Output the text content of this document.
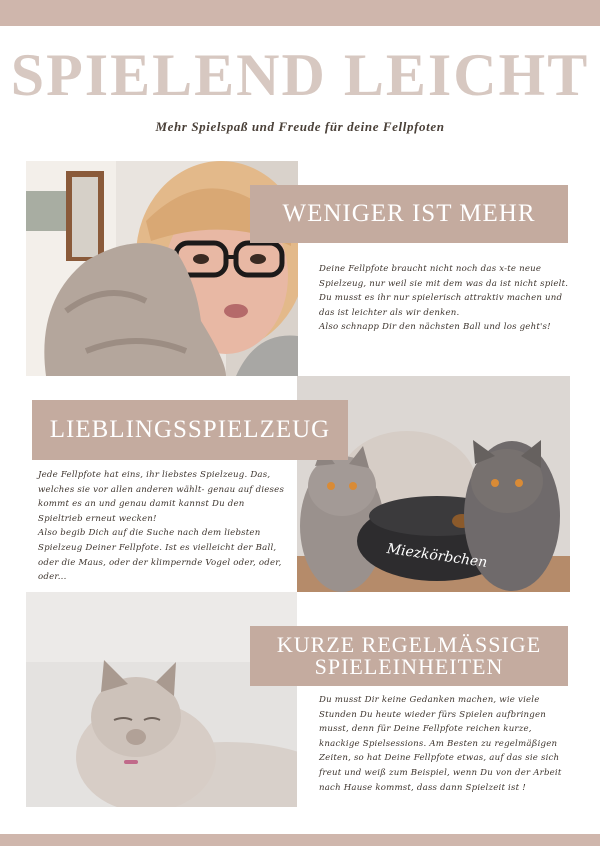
SPIELEND LEICHT
Mehr Spielspaß und Freude für deine Fellpfoten
WENIGER IST MEHR

Deine Fellpfote braucht nicht noch das x-te neue Spielzeug, nur weil sie mit dem was da ist nicht spielt.

Du musst es ihr nur spielerisch attraktiv machen und das ist leichter als wir denken.

Also schnapp Dir den nächsten Ball und los geht's!

Miezkörbchen
LIEBLINGSSPIELZEUG

Jede Fellpfote hat eins, ihr liebstes Spielzeug. Das, welches sie vor allen anderen wählt- genau auf dieses kommt es an und genau damit kannst Du den Spieltrieb erneut wecken!

Also begib Dich auf die Suche nach dem liebsten Spielzeug Deiner Fellpfote. Ist es vielleicht der Ball, oder die Maus, oder der klimpernde Vogel oder, oder, oder...

KURZE REGELMÄSSIGE
SPIELEINHEITEN

Du musst Dir keine Gedanken machen, wie viele Stunden Du heute wieder fürs Spielen aufbringen musst, denn für Deine Fellpfote reichen kurze, knackige Spielsessions. Am Besten zu regelmäßigen Zeiten, so hat Deine Fellpfote etwas, auf das sie sich freut und weiß zum Beispiel, wenn Du von der Arbeit nach Hause kommst, dass dann Spielzeit ist !
